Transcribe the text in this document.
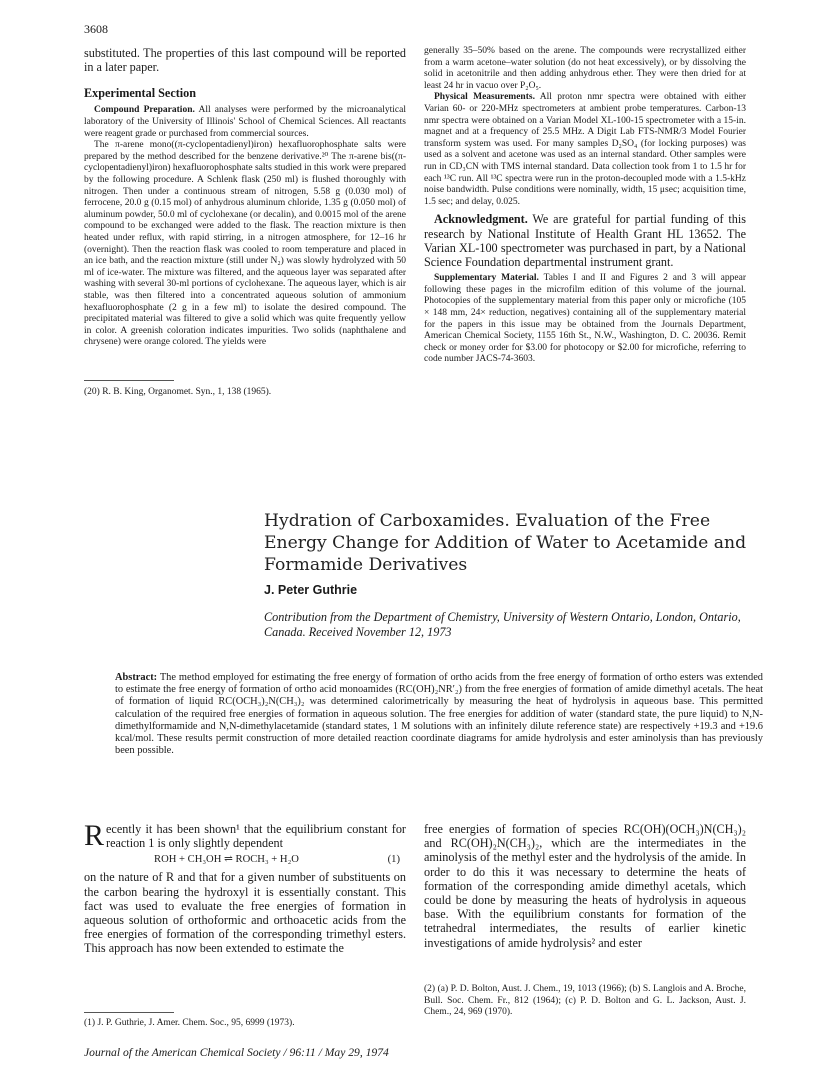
3608

substituted. The properties of this last compound will be reported in a later paper.

Experimental Section

Compound Preparation. All analyses were performed by the microanalytical laboratory of the University of Illinois' School of Chemical Sciences. All reactants were reagent grade or purchased from commercial sources.

The π-arene mono((π-cyclopentadienyl)iron) hexafluorophosphate salts were prepared by the method described for the benzene derivative.²⁰ The π-arene bis((π-cyclopentadienyl)iron) hexafluorophosphate salts studied in this work were prepared by the following procedure. A Schlenk flask (250 ml) is flushed thoroughly with nitrogen. Then under a continuous stream of nitrogen, 5.58 g (0.030 mol) of ferrocene, 20.0 g (0.15 mol) of anhydrous aluminum chloride, 1.35 g (0.050 mol) of aluminum powder, 50.0 ml of cyclohexane (or decalin), and 0.0015 mol of the arene compound to be exchanged were added to the flask. The reaction mixture is then heated under reflux, with rapid stirring, in a nitrogen atmosphere, for 12–16 hr (overnight). Then the reaction flask was cooled to room temperature and placed in an ice bath, and the reaction mixture (still under N₂) was slowly hydrolyzed with 50 ml of ice-water. The mixture was filtered, and the aqueous layer was separated after washing with several 30-ml portions of cyclohexane. The aqueous layer, which is air stable, was then filtered into a concentrated aqueous solution of ammonium hexafluorophosphate (2 g in a few ml) to isolate the desired compound. The precipitated material was filtered to give a solid which was quite frequently yellow in color. A greenish coloration indicates impurities. Two solids (naphthalene and chrysene) were orange colored. The yields were

(20) R. B. King, Organomet. Syn., 1, 138 (1965).

generally 35–50% based on the arene. The compounds were recrystallized either from a warm acetone–water solution (do not heat excessively), or by dissolving the solid in acetonitrile and then adding anhydrous ether. They were then dried for at least 24 hr in vacuo over P₂O₅.

Physical Measurements. All proton nmr spectra were obtained with either Varian 60- or 220-MHz spectrometers at ambient probe temperatures. Carbon-13 nmr spectra were obtained on a Varian Model XL-100-15 spectrometer with a 15-in. magnet and at a frequency of 25.5 MHz. A Digit Lab FTS-NMR/3 Model Fourier transform system was used. For many samples D₂SO₄ (for locking purposes) was used as a solvent and acetone was used as an internal standard. Other samples were run in CD₃CN with TMS internal standard. Data collection took from 1 to 1.5 hr for each ¹³C run. All ¹³C spectra were run in the proton-decoupled mode with a 1.5-kHz noise bandwidth. Pulse conditions were nominally, width, 15 μsec; acquisition time, 1.5 sec; and delay, 0.025.

Acknowledgment. We are grateful for partial funding of this research by National Institute of Health Grant HL 13652. The Varian XL-100 spectrometer was purchased in part, by a National Science Foundation departmental instrument grant.

Supplementary Material. Tables I and II and Figures 2 and 3 will appear following these pages in the microfilm edition of this volume of the journal. Photocopies of the supplementary material from this paper only or microfiche (105 × 148 mm, 24× reduction, negatives) containing all of the supplementary material for the papers in this issue may be obtained from the Journals Department, American Chemical Society, 1155 16th St., N.W., Washington, D. C. 20036. Remit check or money order for $3.00 for photocopy or $2.00 for microfiche, referring to code number JACS-74-3603.

Hydration of Carboxamides. Evaluation of the Free Energy Change for Addition of Water to Acetamide and Formamide Derivatives
J. Peter Guthrie
Contribution from the Department of Chemistry, University of Western Ontario, London, Ontario, Canada. Received November 12, 1973
Abstract: The method employed for estimating the free energy of formation of ortho acids from the free energy of formation of ortho esters was extended to estimate the free energy of formation of ortho acid monoamides (RC(OH)₂NR′₂) from the free energies of formation of amide dimethyl acetals. The heat of formation of liquid RC(OCH₃)₂N(CH₃)₂ was determined calorimetrically by measuring the heat of hydrolysis in aqueous base. This permitted calculation of the required free energies of formation in aqueous solution. The free energies for addition of water (standard state, the pure liquid) to N,N-dimethylformamide and N,N-dimethylacetamide (standard states, 1 M solutions with an infinitely dilute reference state) are respectively +19.3 and +19.6 kcal/mol. These results permit construction of more detailed reaction coordinate diagrams for amide hydrolysis and ester aminolysis than has previously been possible.

Recently it has been shown¹ that the equilibrium constant for reaction 1 is only slightly dependent

ROH + CH₃OH ⇌ ROCH₃ + H₂O	(1)

on the nature of R and that for a given number of substituents on the carbon bearing the hydroxyl it is essentially constant. This fact was used to evaluate the free energies of formation in aqueous solution of orthoformic and orthoacetic acids from the free energies of formation of the corresponding trimethyl esters. This approach has now been extended to estimate the

(1) J. P. Guthrie, J. Amer. Chem. Soc., 95, 6999 (1973).

free energies of formation of species RC(OH)(OCH₃)N(CH₃)₂ and RC(OH)₂N(CH₃)₂, which are the intermediates in the aminolysis of the methyl ester and the hydrolysis of the amide. In order to do this it was necessary to determine the heats of formation of the corresponding amide dimethyl acetals, which could be done by measuring the heats of hydrolysis in aqueous base. With the equilibrium constants for formation of the tetrahedral intermediates, the results of earlier kinetic investigations of amide hydrolysis² and ester

(2) (a) P. D. Bolton, Aust. J. Chem., 19, 1013 (1966); (b) S. Langlois and A. Broche, Bull. Soc. Chem. Fr., 812 (1964); (c) P. D. Bolton and G. L. Jackson, Aust. J. Chem., 24, 969 (1970).
Journal of the American Chemical Society / 96:11 / May 29, 1974
